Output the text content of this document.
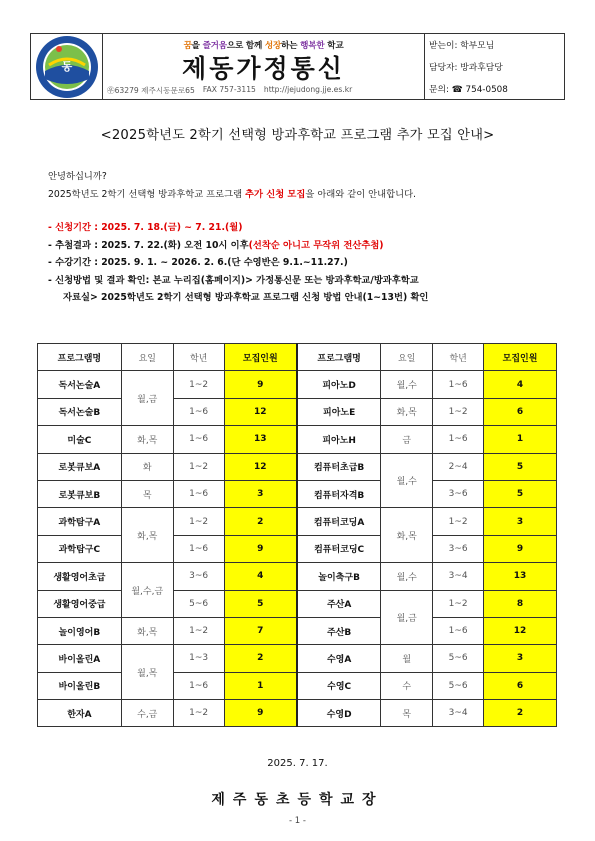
동
꿈을 즐거움으로 함께 성장하는 행복한 학교
제동가정통신
㉾63279 제주시동문로65 FAX 757-3115 http://jejudong.jje.es.kr
받는이: 학부모님
담당자: 방과후담당
문의: ☎ 754-0508
<2025학년도 2학기 선택형 방과후학교 프로그램 추가 모집 안내>
안녕하십니까?
2025학년도 2학기 선택형 방과후학교 프로그램 추가 신청 모집을 아래와 같이 안내합니다.
- 신청기간 : 2025. 7. 18.(금) ~ 7. 21.(월)
- 추첨결과 : 2025. 7. 22.(화) 오전 10시 이후(선착순 아니고 무작위 전산추첨)
- 수강기간 : 2025. 9. 1. ~ 2026. 2. 6.(단 수영반은 9.1.~11.27.)
- 신청방법 및 결과 확인: 본교 누리집(홈페이지)> 가정통신문 또는 방과후학교/방과후학교
자료실> 2025학년도 2학기 선택형 방과후학교 프로그램 신청 방법 안내(1~13번) 확인
프로그램명	요일	학년	모집인원	프로그램명	요일	학년	모집인원
독서논술A	월,금	1~2	9	피아노D	월,수	1~6	4
독서논술B		1~6	12	피아노E	화,목	1~2	6
미술C	화,목	1~6	13	피아노H	금	1~6	1
로봇큐보A	화	1~2	12	컴퓨터초급B	월,수	2~4	5
로봇큐보B	목	1~6	3	컴퓨터자격B		3~6	5
과학탐구A	화,목	1~2	2	컴퓨터코딩A	화,목	1~2	3
과학탐구C		1~6	9	컴퓨터코딩C		3~6	9
생활영어초급	월,수,금	3~6	4	놀이축구B	월,수	3~4	13
생활영어중급		5~6	5	주산A	월,금	1~2	8
놀이영어B	화,목	1~2	7	주산B		1~6	12
바이올린A	월,목	1~3	2	수영A	월	5~6	3
바이올린B		1~6	1	수영C	수	5~6	6
한자A	수,금	1~2	9	수영D	목	3~4	2
2025. 7. 17.
제주동초등학교장
- 1 -
